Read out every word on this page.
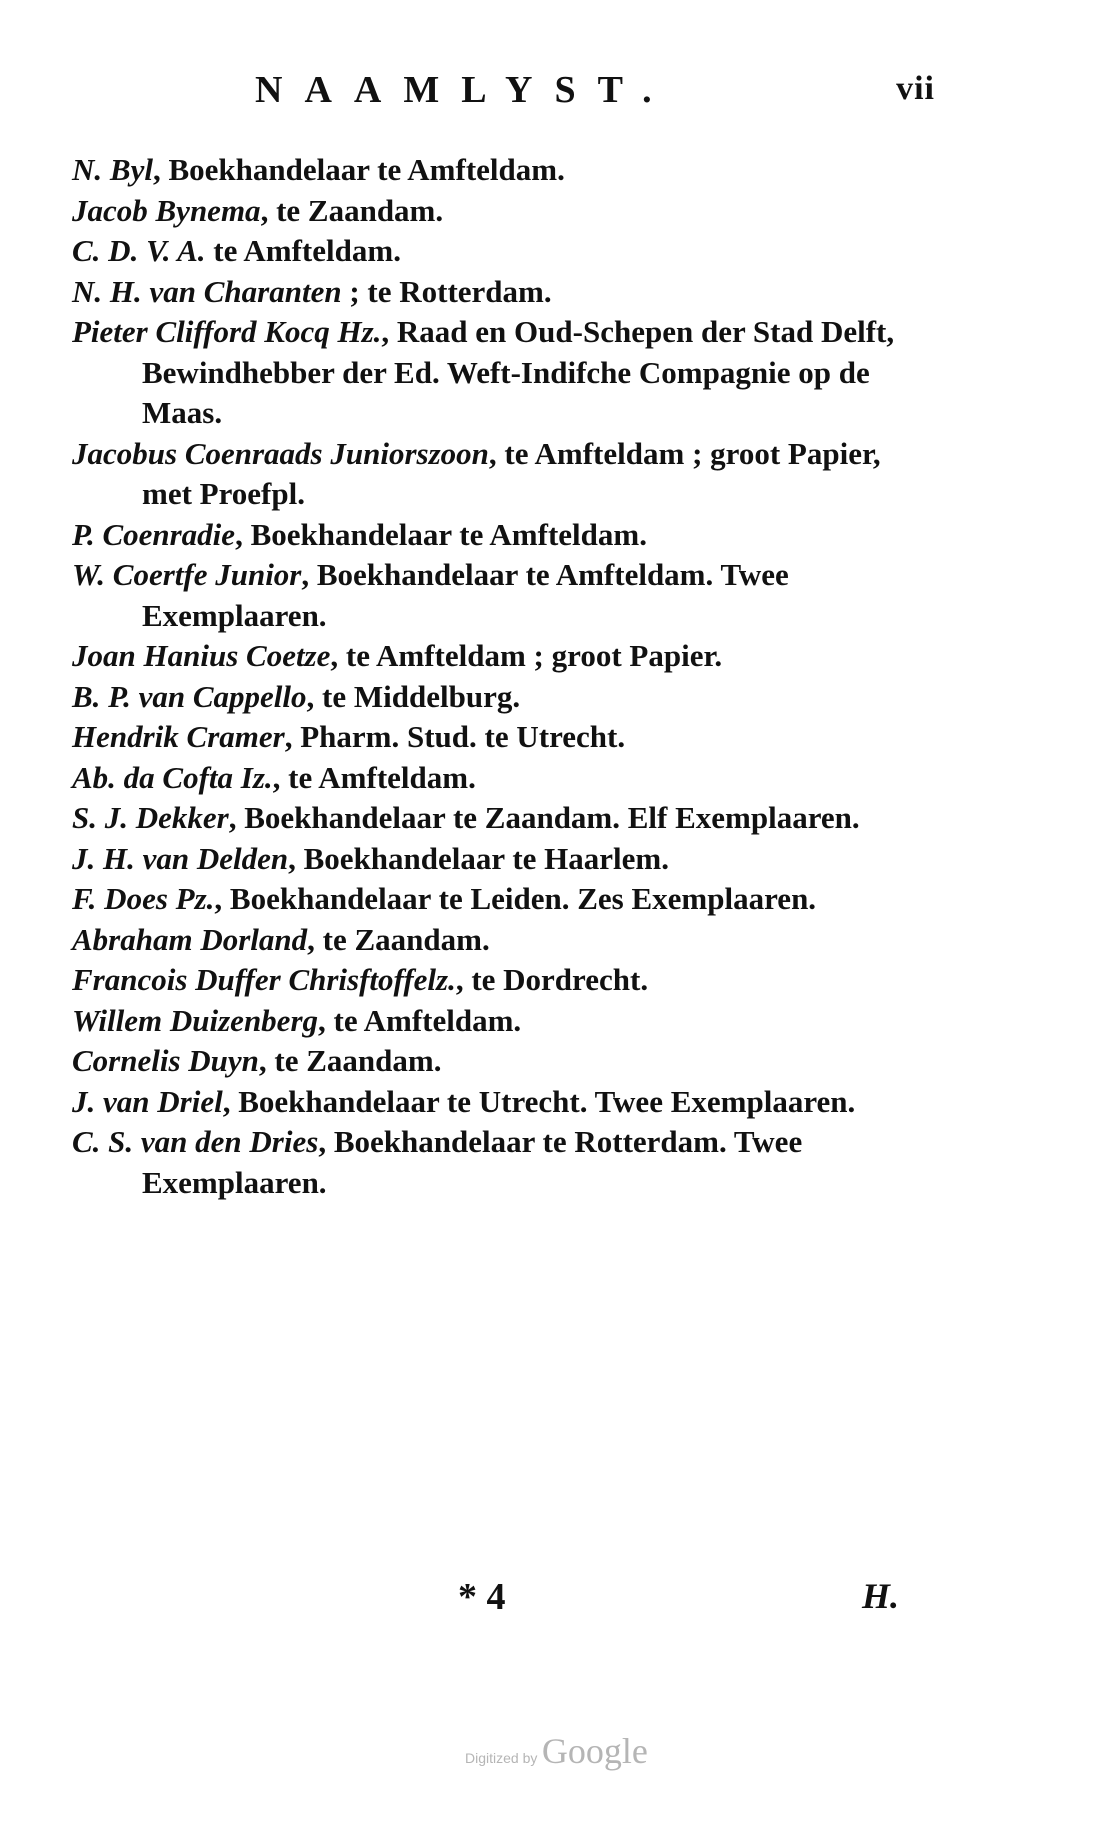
NAAMLYST.	vii
N. Byl, Boekhandelaar te Amfteldam.
Jacob Bynema, te Zaandam.
C. D. V. A. te Amfteldam.
N. H. van Charanten ; te Rotterdam.
Pieter Clifford Kocq Hz., Raad en Oud-Schepen der Stad Delft, Bewindhebber der Ed. Weft-Indifche Compagnie op de Maas.
Jacobus Coenraads Juniorszoon, te Amfteldam ; groot Papier, met Proefpl.
P. Coenradie, Boekhandelaar te Amfteldam.
W. Coertfe Junior, Boekhandelaar te Amfteldam. Twee Exemplaaren.
Joan Hanius Coetze, te Amfteldam ; groot Papier.
B. P. van Cappello, te Middelburg.
Hendrik Cramer, Pharm. Stud. te Utrecht.
Ab. da Cofta Iz., te Amfteldam.
S. J. Dekker, Boekhandelaar te Zaandam. Elf Exemplaaren.
J. H. van Delden, Boekhandelaar te Haarlem.
F. Does Pz., Boekhandelaar te Leiden. Zes Exemplaaren.
Abraham Dorland, te Zaandam.
Francois Duffer Chrisftoffelz., te Dordrecht.
Willem Duizenberg, te Amfteldam.
Cornelis Duyn, te Zaandam.
J. van Driel, Boekhandelaar te Utrecht. Twee Exemplaaren.
C. S. van den Dries, Boekhandelaar te Rotterdam. Twee Exemplaaren.
* 4	H.
Digitized by Google
